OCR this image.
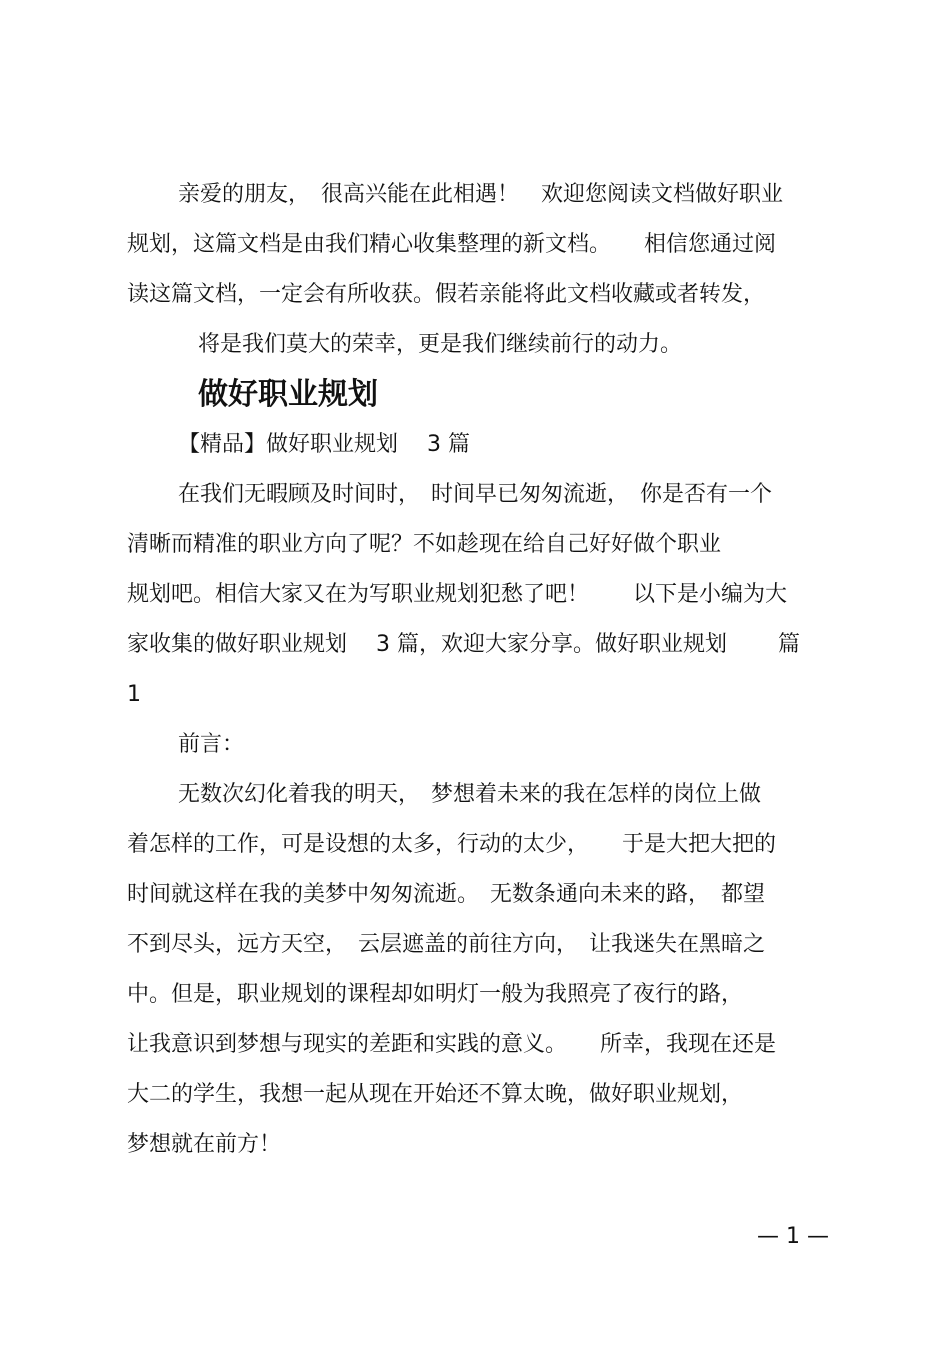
亲爱的朋友，　很高兴能在此相遇！　欢迎您阅读文档做好职业

规划，这篇文档是由我们精心收集整理的新文档。　　相信您通过阅

读这篇文档，一定会有所收获。假若亲能将此文档收藏或者转发，

将是我们莫大的荣幸，更是我们继续前行的动力。

做好职业规划

【精品】做好职业规划　 3 篇

在我们无暇顾及时间时，　时间早已匆匆流逝，　你是否有一个

清晰而精准的职业方向了呢？不如趁现在给自己好好做个职业

规划吧。相信大家又在为写职业规划犯愁了吧！　　以下是小编为大

家收集的做好职业规划　 3 篇，欢迎大家分享。做好职业规划　　 篇

1

前言：

无数次幻化着我的明天，　梦想着未来的我在怎样的岗位上做

着怎样的工作，可是设想的太多，行动的太少，　　于是大把大把的

时间就这样在我的美梦中匆匆流逝。　无数条通向未来的路，　都望

不到尽头，远方天空，　云层遮盖的前往方向，　让我迷失在黑暗之

中。但是，职业规划的课程却如明灯一般为我照亮了夜行的路，

让我意识到梦想与现实的差距和实践的意义。　　所幸，我现在还是

大二的学生，我想一起从现在开始还不算太晚，做好职业规划，

梦想就在前方！

— 1 —
